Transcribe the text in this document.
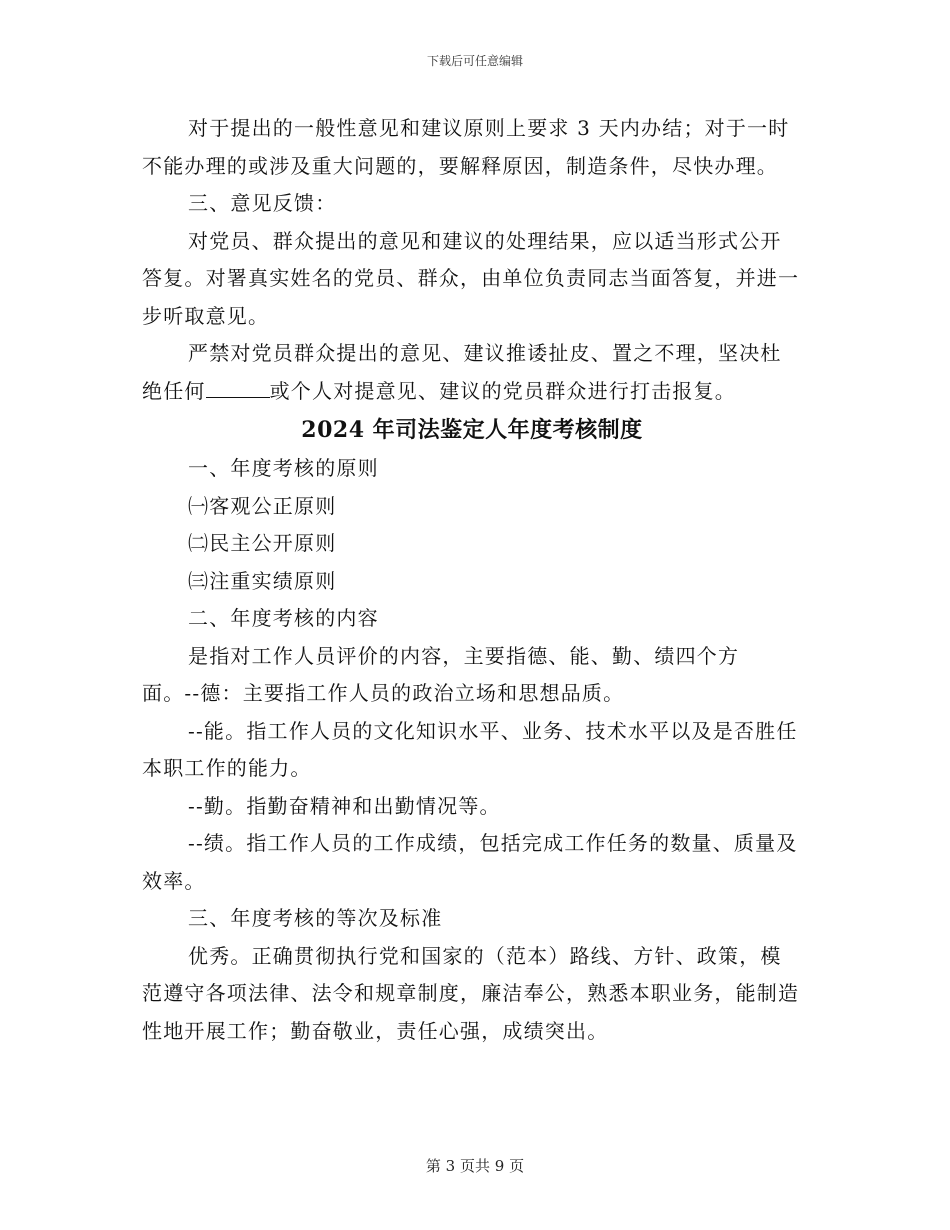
下载后可任意编辑

对于提出的一般性意见和建议原则上要求 3 天内办结；对于一时不能办理的或涉及重大问题的，要解释原因，制造条件，尽快办理。

三、意见反馈：

对党员、群众提出的意见和建议的处理结果，应以适当形式公开答复。对署真实姓名的党员、群众，由单位负责同志当面答复，并进一步听取意见。

严禁对党员群众提出的意见、建议推诿扯皮、置之不理，坚决杜绝任何	或个人对提意见、建议的党员群众进行打击报复。

2024 年司法鉴定人年度考核制度

一、年度考核的原则

㈠客观公正原则

㈡民主公开原则

㈢注重实绩原则

二、年度考核的内容

是指对工作人员评价的内容，主要指德、能、勤、绩四个方

面。--德：主要指工作人员的政治立场和思想品质。

--能。指工作人员的文化知识水平、业务、技术水平以及是否胜任本职工作的能力。

--勤。指勤奋精神和出勤情况等。

--绩。指工作人员的工作成绩，包括完成工作任务的数量、质量及效率。

三、年度考核的等次及标准

优秀。正确贯彻执行党和国家的（范本）路线、方针、政策，模范遵守各项法律、法令和规章制度，廉洁奉公，熟悉本职业务，能制造性地开展工作；勤奋敬业，责任心强，成绩突出。

第 3 页共 9 页
